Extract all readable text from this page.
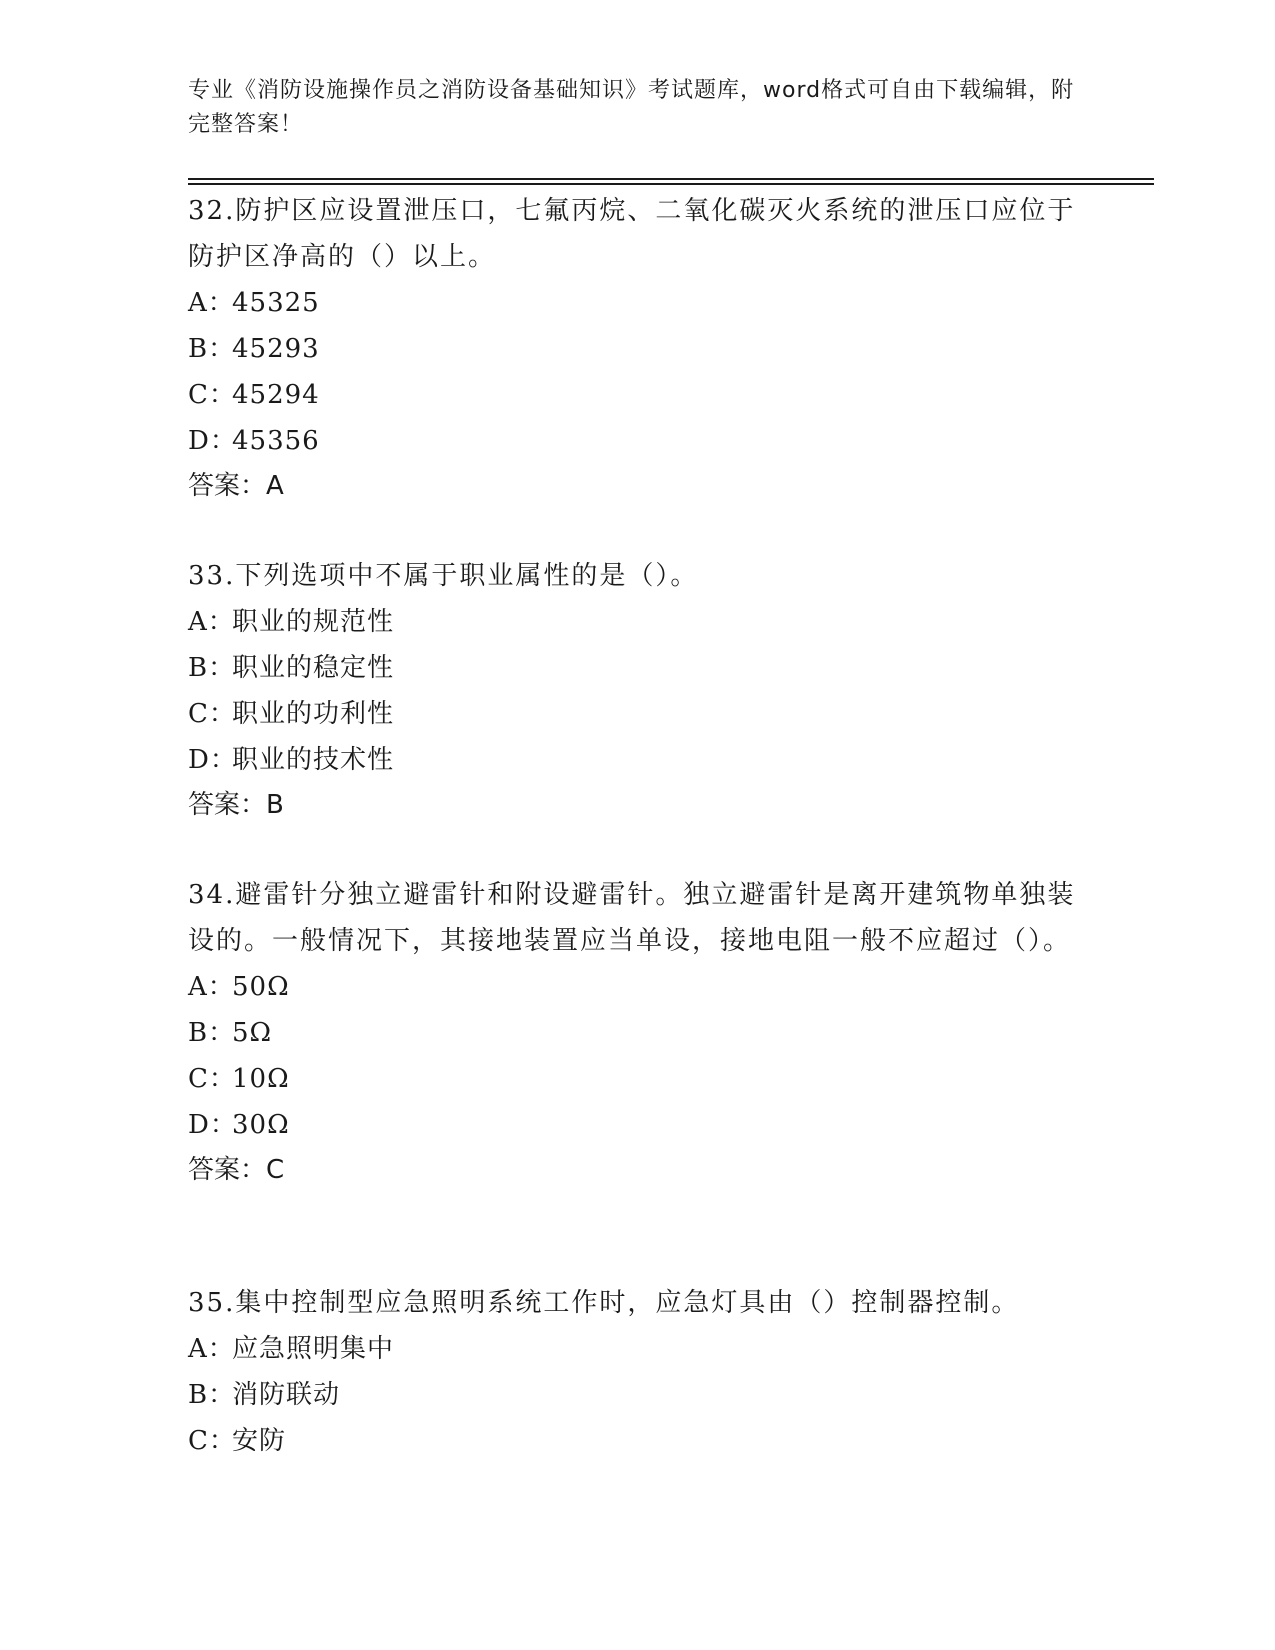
专业《消防设施操作员之消防设备基础知识》考试题库，word格式可自由下载编辑，附完整答案！

32.防护区应设置泄压口，七氟丙烷、二氧化碳灭火系统的泄压口应位于防护区净高的（）以上。

A：45325

B：45293

C：45294

D：45356

答案：A

33.下列选项中不属于职业属性的是（）。

A：职业的规范性

B：职业的稳定性

C：职业的功利性

D：职业的技术性

答案：B

34.避雷针分独立避雷针和附设避雷针。独立避雷针是离开建筑物单独装设的。一般情况下，其接地装置应当单设，接地电阻一般不应超过（）。

A：50Ω

B：5Ω

C：10Ω

D：30Ω

答案：C

35.集中控制型应急照明系统工作时，应急灯具由（）控制器控制。

A：应急照明集中

B：消防联动

C：安防
